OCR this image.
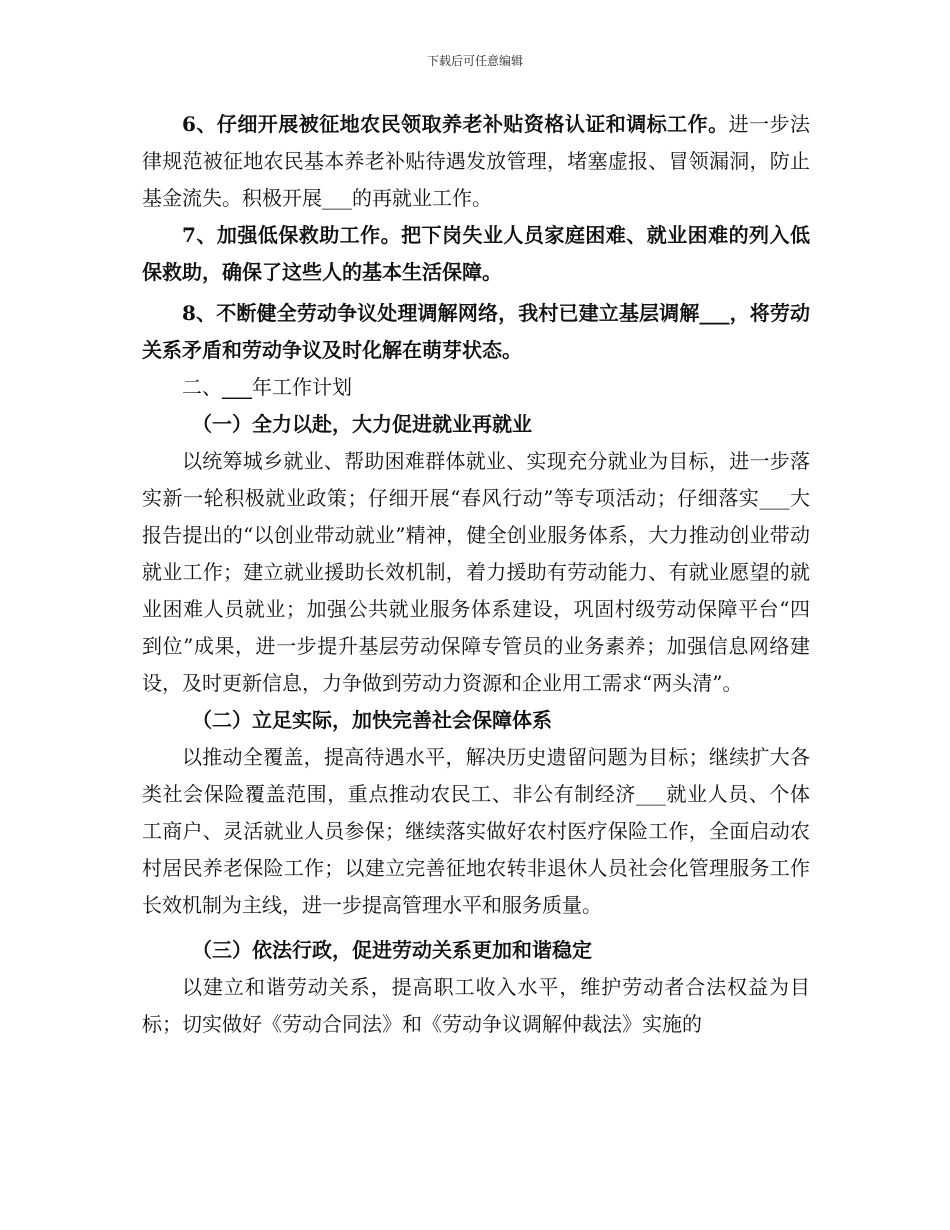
下载后可任意编辑

6、仔细开展被征地农民领取养老补贴资格认证和调标工作。进一步法律规范被征地农民基本养老补贴待遇发放管理，堵塞虚报、冒领漏洞，防止基金流失。积极开展___的再就业工作。

7、加强低保救助工作。把下岗失业人员家庭困难、就业困难的列入低保救助，确保了这些人的基本生活保障。

8、不断健全劳动争议处理调解网络，我村已建立基层调解___，将劳动关系矛盾和劳动争议及时化解在萌芽状态。

二、___年工作计划

（一）全力以赴，大力促进就业再就业

以统筹城乡就业、帮助困难群体就业、实现充分就业为目标，进一步落实新一轮积极就业政策；仔细开展“春风行动”等专项活动；仔细落实___大报告提出的“以创业带动就业”精神，健全创业服务体系，大力推动创业带动就业工作；建立就业援助长效机制，着力援助有劳动能力、有就业愿望的就业困难人员就业；加强公共就业服务体系建设，巩固村级劳动保障平台“四到位”成果，进一步提升基层劳动保障专管员的业务素养；加强信息网络建设，及时更新信息，力争做到劳动力资源和企业用工需求“两头清”。

（二）立足实际，加快完善社会保障体系

以推动全覆盖，提高待遇水平，解决历史遗留问题为目标；继续扩大各类社会保险覆盖范围，重点推动农民工、非公有制经济___就业人员、个体工商户、灵活就业人员参保；继续落实做好农村医疗保险工作，全面启动农村居民养老保险工作；以建立完善征地农转非退休人员社会化管理服务工作长效机制为主线，进一步提高管理水平和服务质量。

（三）依法行政，促进劳动关系更加和谐稳定

以建立和谐劳动关系，提高职工收入水平，维护劳动者合法权益为目标；切实做好《劳动合同法》和《劳动争议调解仲裁法》实施的
